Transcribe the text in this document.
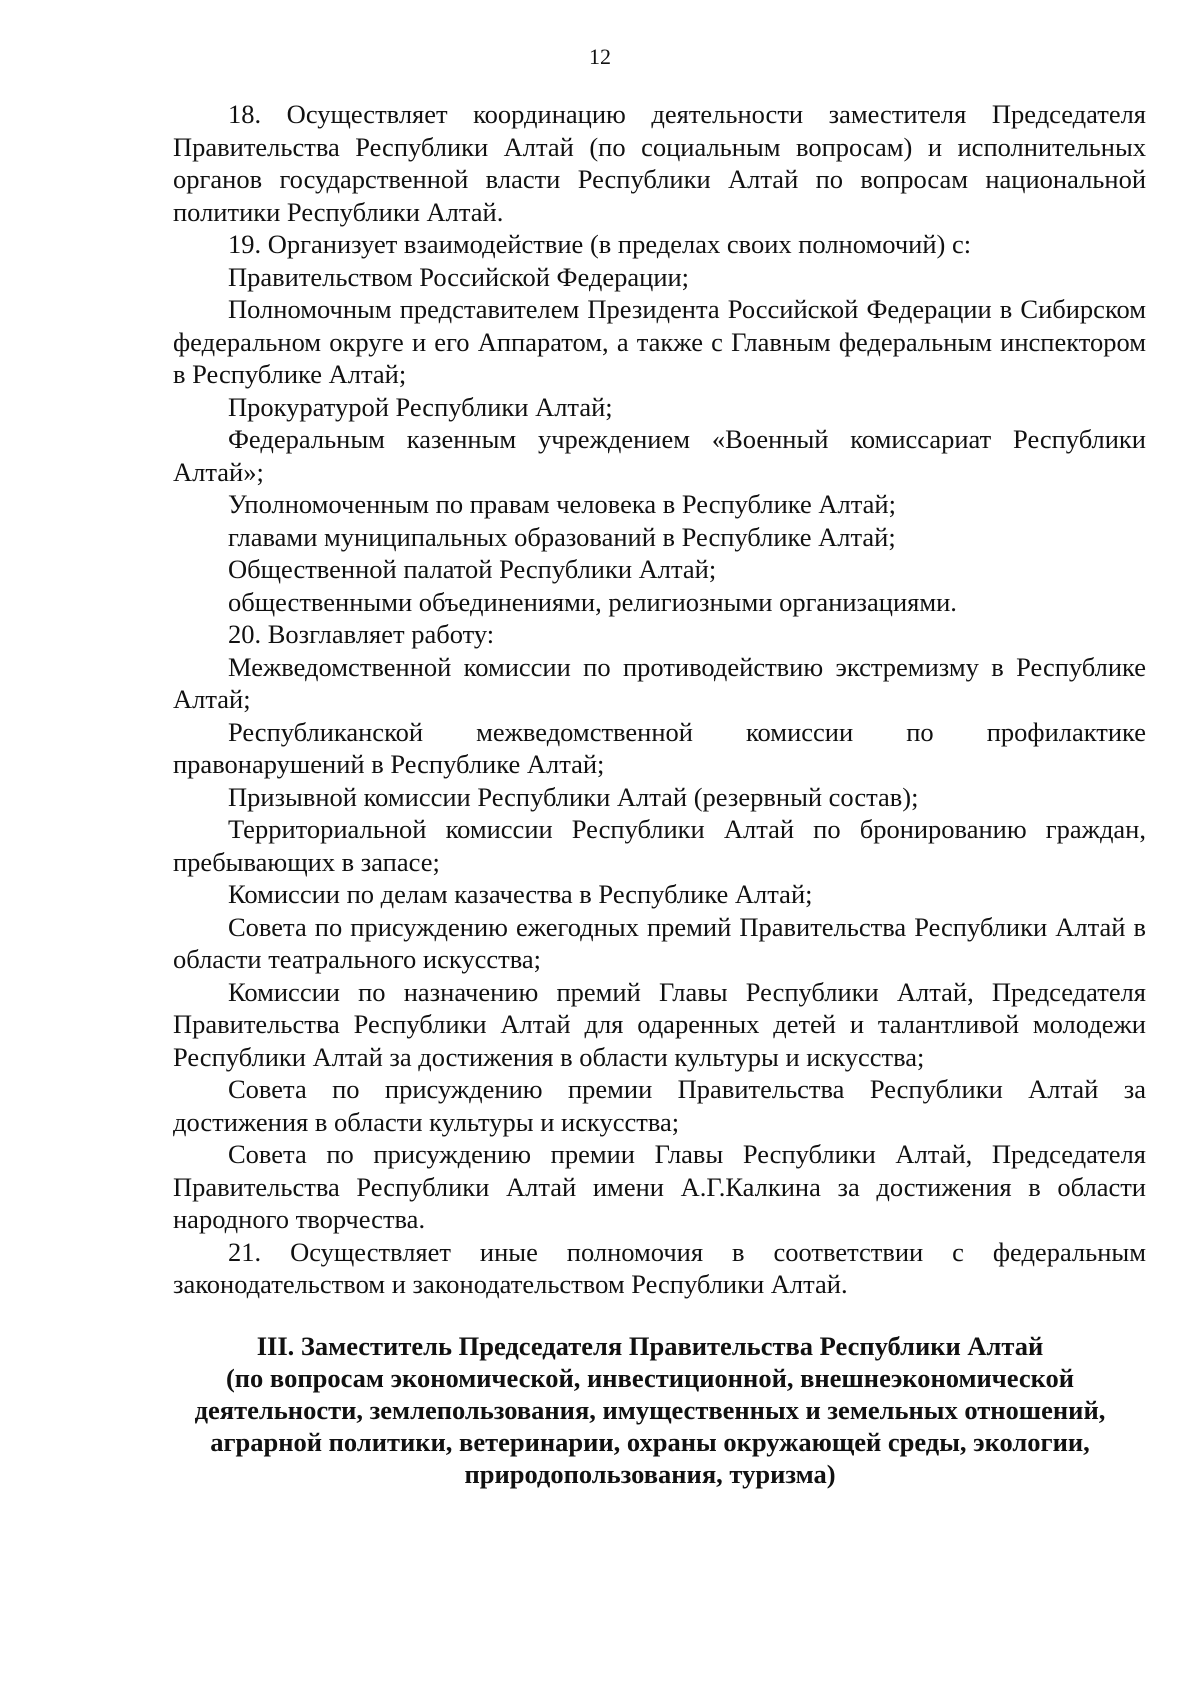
12

18. Осуществляет координацию деятельности заместителя Председателя Правительства Республики Алтай (по социальным вопросам) и исполнительных органов государственной власти Республики Алтай по вопросам национальной политики Республики Алтай.

19. Организует взаимодействие (в пределах своих полномочий) с:

Правительством Российской Федерации;

Полномочным представителем Президента Российской Федерации в Сибирском федеральном округе и его Аппаратом, а также с Главным федеральным инспектором в Республике Алтай;

Прокуратурой Республики Алтай;

Федеральным казенным учреждением «Военный комиссариат Республики Алтай»;

Уполномоченным по правам человека в Республике Алтай;

главами муниципальных образований в Республике Алтай;

Общественной палатой Республики Алтай;

общественными объединениями, религиозными организациями.

20. Возглавляет работу:

Межведомственной комиссии по противодействию экстремизму в Республике Алтай;

Республиканской межведомственной комиссии по профилактике правонарушений в Республике Алтай;

Призывной комиссии Республики Алтай (резервный состав);

Территориальной комиссии Республики Алтай по бронированию граждан, пребывающих в запасе;

Комиссии по делам казачества в Республике Алтай;

Совета по присуждению ежегодных премий Правительства Республики Алтай в области театрального искусства;

Комиссии по назначению премий Главы Республики Алтай, Председателя Правительства Республики Алтай для одаренных детей и талантливой молодежи Республики Алтай за достижения в области культуры и искусства;

Совета по присуждению премии Правительства Республики Алтай за достижения в области культуры и искусства;

Совета по присуждению премии Главы Республики Алтай, Председателя Правительства Республики Алтай имени А.Г.Калкина за достижения в области народного творчества.

21. Осуществляет иные полномочия в соответствии с федеральным законодательством и законодательством Республики Алтай.

III. Заместитель Председателя Правительства Республики Алтай
(по вопросам экономической, инвестиционной, внешнеэкономической
деятельности, землепользования, имущественных и земельных отношений,
аграрной политики, ветеринарии, охраны окружающей среды, экологии,
природопользования, туризма)
